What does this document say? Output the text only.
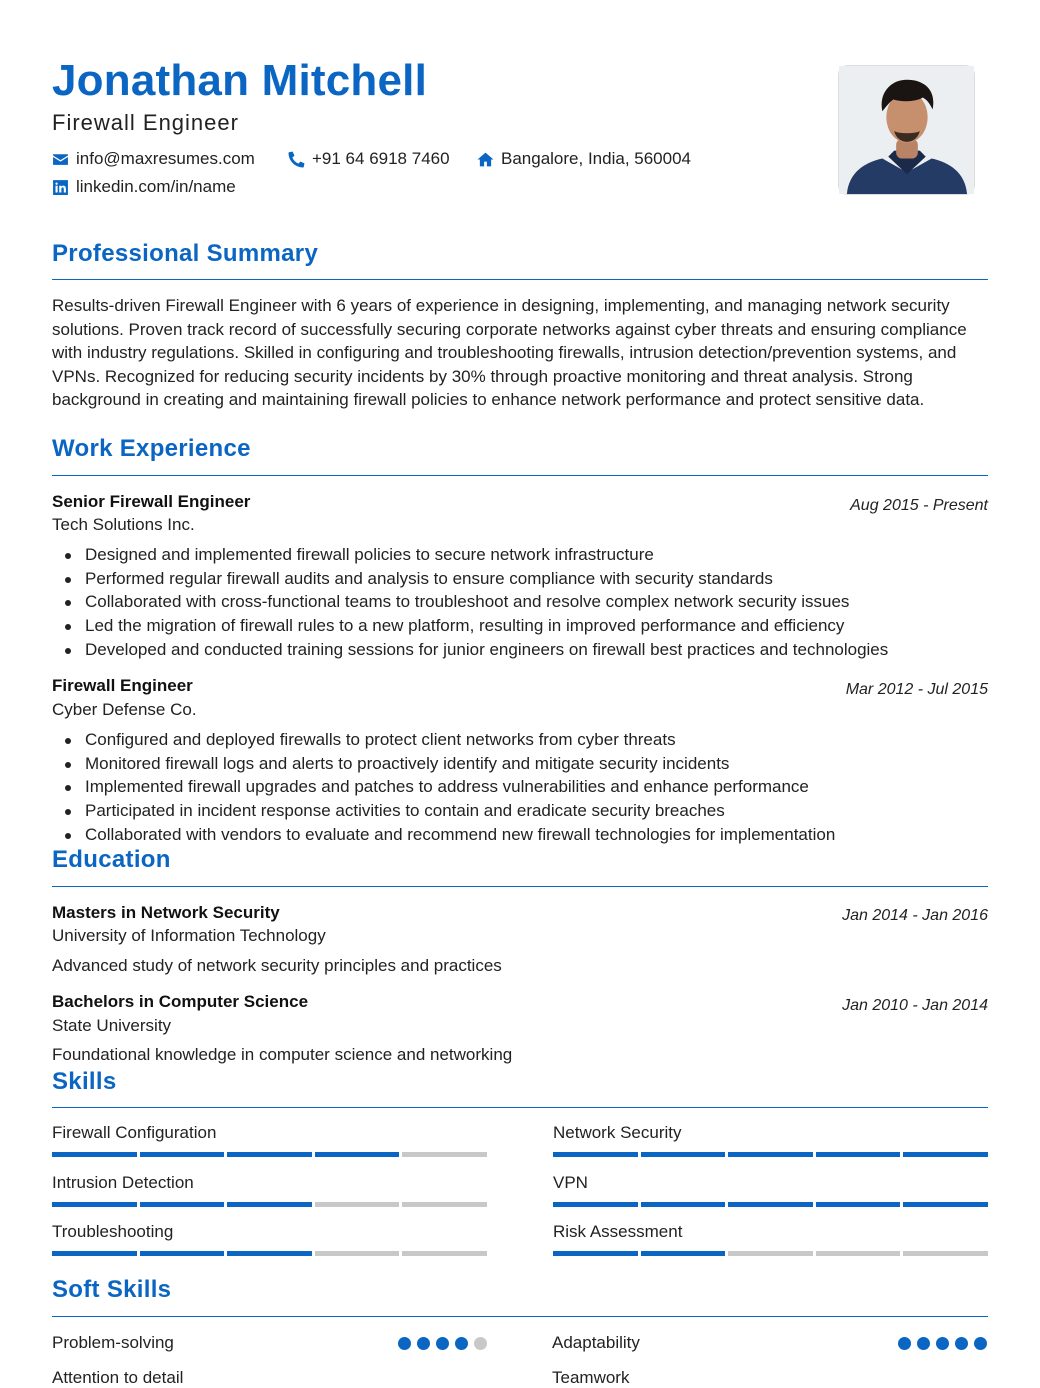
Jonathan Mitchell
Firewall Engineer
info@maxresumes.com	+91 64 6918 7460	Bangalore, India, 560004
linkedin.com/in/name
Professional Summary
Results-driven Firewall Engineer with 6 years of experience in designing, implementing, and managing network security solutions. Proven track record of successfully securing corporate networks against cyber threats and ensuring compliance with industry regulations. Skilled in configuring and troubleshooting firewalls, intrusion detection/prevention systems, and VPNs. Recognized for reducing security incidents by 30% through proactive monitoring and threat analysis. Strong background in creating and maintaining firewall policies to enhance network performance and protect sensitive data.
Work Experience
Senior Firewall Engineer	Aug 2015 - Present
Tech Solutions Inc.
Designed and implemented firewall policies to secure network infrastructure
Performed regular firewall audits and analysis to ensure compliance with security standards
Collaborated with cross-functional teams to troubleshoot and resolve complex network security issues
Led the migration of firewall rules to a new platform, resulting in improved performance and efficiency
Developed and conducted training sessions for junior engineers on firewall best practices and technologies
Firewall Engineer	Mar 2012 - Jul 2015
Cyber Defense Co.
Configured and deployed firewalls to protect client networks from cyber threats
Monitored firewall logs and alerts to proactively identify and mitigate security incidents
Implemented firewall upgrades and patches to address vulnerabilities and enhance performance
Participated in incident response activities to contain and eradicate security breaches
Collaborated with vendors to evaluate and recommend new firewall technologies for implementation
Education
Masters in Network Security	Jan 2014 - Jan 2016
University of Information Technology
Advanced study of network security principles and practices
Bachelors in Computer Science	Jan 2010 - Jan 2014
State University
Foundational knowledge in computer science and networking
Skills
Firewall Configuration	Network Security
Intrusion Detection	VPN
Troubleshooting	Risk Assessment
Soft Skills
Problem-solving	Adaptability
Attention to detail	Teamwork
